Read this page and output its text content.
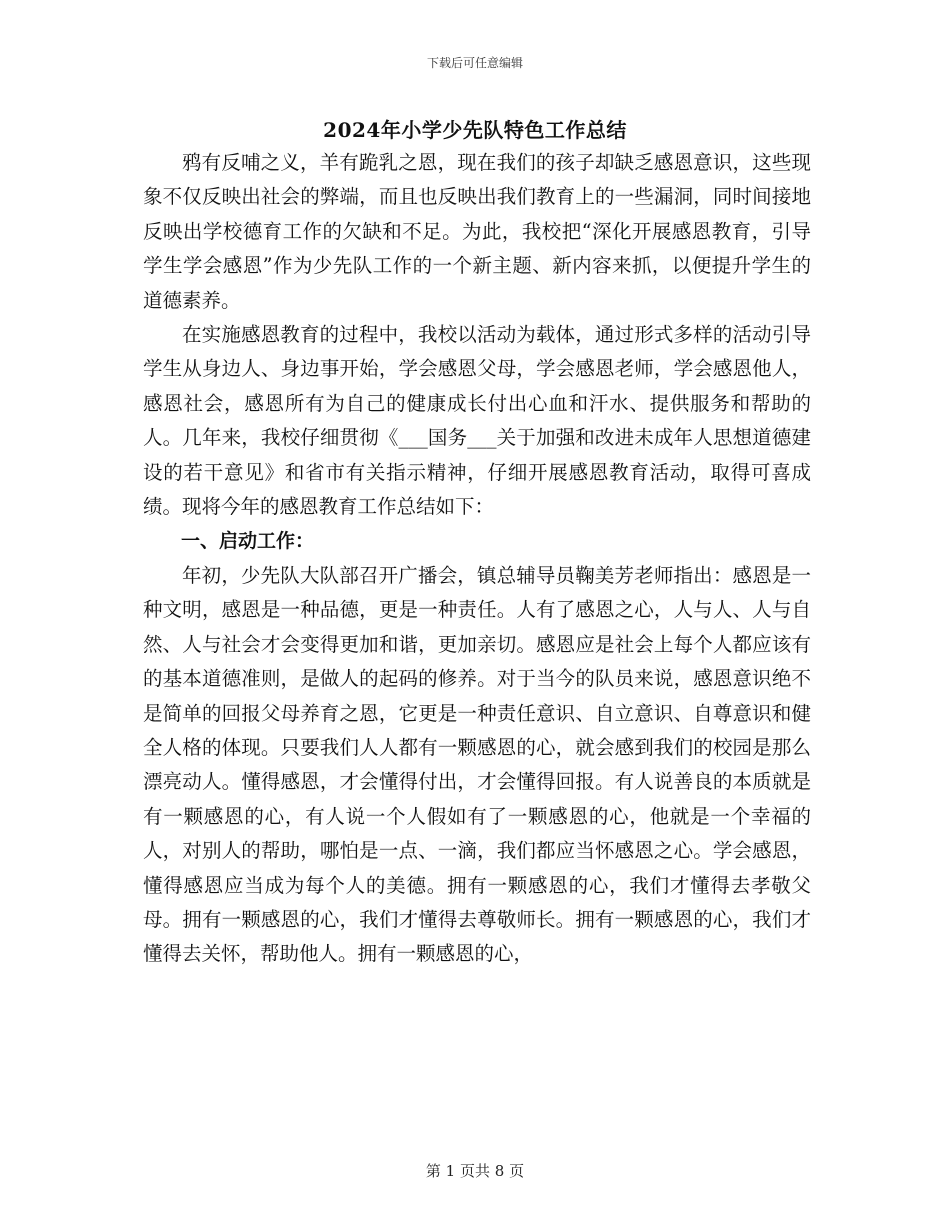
下载后可任意编辑
2024年小学少先队特色工作总结

鸦有反哺之义，羊有跪乳之恩，现在我们的孩子却缺乏感恩意识，这些现象不仅反映出社会的弊端，而且也反映出我们教育上的一些漏洞，同时间接地反映出学校德育工作的欠缺和不足。为此，我校把“深化开展感恩教育，引导学生学会感恩”作为少先队工作的一个新主题、新内容来抓，以便提升学生的道德素养。

在实施感恩教育的过程中，我校以活动为载体，通过形式多样的活动引导学生从身边人、身边事开始，学会感恩父母，学会感恩老师，学会感恩他人，感恩社会，感恩所有为自己的健康成长付出心血和汗水、提供服务和帮助的人。几年来，我校仔细贯彻《___国务___关于加强和改进未成年人思想道德建设的若干意见》和省市有关指示精神，仔细开展感恩教育活动，取得可喜成绩。现将今年的感恩教育工作总结如下：

一、启动工作：

年初，少先队大队部召开广播会，镇总辅导员鞠美芳老师指出：感恩是一种文明，感恩是一种品德，更是一种责任。人有了感恩之心，人与人、人与自然、人与社会才会变得更加和谐，更加亲切。感恩应是社会上每个人都应该有的基本道德准则，是做人的起码的修养。对于当今的队员来说，感恩意识绝不是简单的回报父母养育之恩，它更是一种责任意识、自立意识、自尊意识和健全人格的体现。只要我们人人都有一颗感恩的心，就会感到我们的校园是那么漂亮动人。懂得感恩，才会懂得付出，才会懂得回报。有人说善良的本质就是有一颗感恩的心，有人说一个人假如有了一颗感恩的心，他就是一个幸福的人，对别人的帮助，哪怕是一点、一滴，我们都应当怀感恩之心。学会感恩，懂得感恩应当成为每个人的美德。拥有一颗感恩的心，我们才懂得去孝敬父母。拥有一颗感恩的心，我们才懂得去尊敬师长。拥有一颗感恩的心，我们才懂得去关怀，帮助他人。拥有一颗感恩的心，

第 1 页共 8 页
